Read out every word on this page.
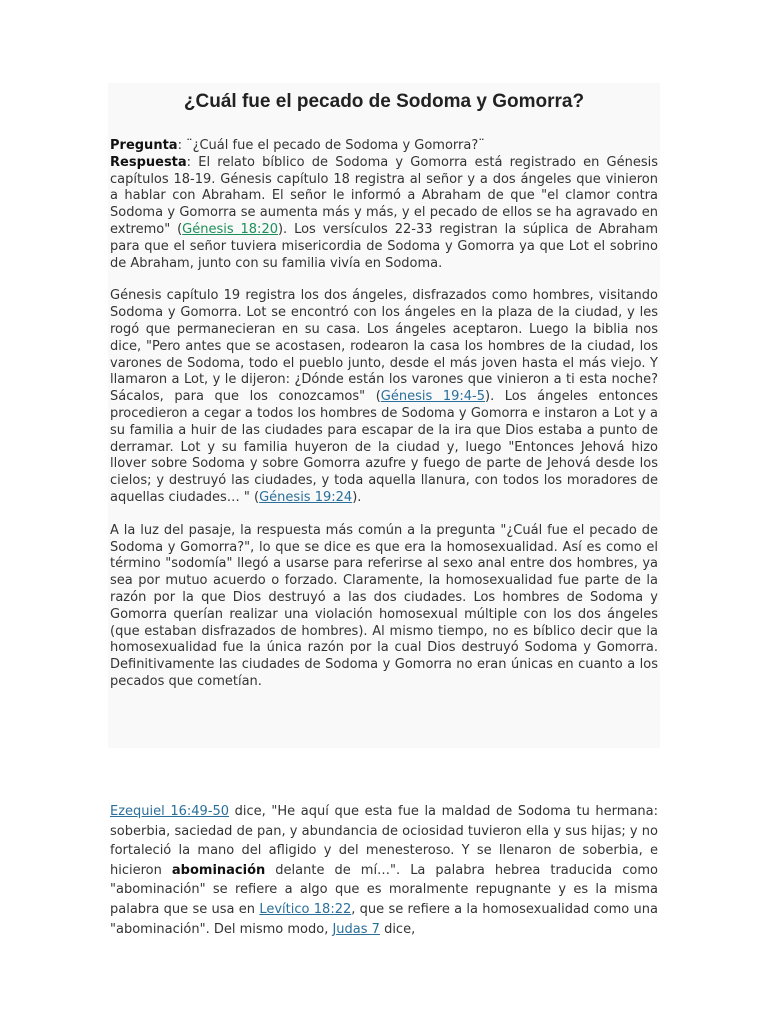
¿Cuál fue el pecado de Sodoma y Gomorra?

Pregunta: ¨¿Cuál fue el pecado de Sodoma y Gomorra?¨
Respuesta: El relato bíblico de Sodoma y Gomorra está registrado en Génesis capítulos 18-19. Génesis capítulo 18 registra al señor y a dos ángeles que vinieron a hablar con Abraham. El señor le informó a Abraham de que "el clamor contra Sodoma y Gomorra se aumenta más y más, y el pecado de ellos se ha agravado en extremo" (Génesis 18:20). Los versículos 22-33 registran la súplica de Abraham para que el señor tuviera misericordia de Sodoma y Gomorra ya que Lot el sobrino de Abraham, junto con su familia vivía en Sodoma.

Génesis capítulo 19 registra los dos ángeles, disfrazados como hombres, visitando Sodoma y Gomorra. Lot se encontró con los ángeles en la plaza de la ciudad, y les rogó que permanecieran en su casa. Los ángeles aceptaron. Luego la biblia nos dice, "Pero antes que se acostasen, rodearon la casa los hombres de la ciudad, los varones de Sodoma, todo el pueblo junto, desde el más joven hasta el más viejo. Y llamaron a Lot, y le dijeron: ¿Dónde están los varones que vinieron a ti esta noche? Sácalos, para que los conozcamos" (Génesis 19:4-5). Los ángeles entonces procedieron a cegar a todos los hombres de Sodoma y Gomorra e instaron a Lot y a su familia a huir de las ciudades para escapar de la ira que Dios estaba a punto de derramar. Lot y su familia huyeron de la ciudad y, luego "Entonces Jehová hizo llover sobre Sodoma y sobre Gomorra azufre y fuego de parte de Jehová desde los cielos; y destruyó las ciudades, y toda aquella llanura, con todos los moradores de aquellas ciudades… " (Génesis 19:24).

A la luz del pasaje, la respuesta más común a la pregunta "¿Cuál fue el pecado de Sodoma y Gomorra?", lo que se dice es que era la homosexualidad. Así es como el término "sodomía" llegó a usarse para referirse al sexo anal entre dos hombres, ya sea por mutuo acuerdo o forzado. Claramente, la homosexualidad fue parte de la razón por la que Dios destruyó a las dos ciudades. Los hombres de Sodoma y Gomorra querían realizar una violación homosexual múltiple con los dos ángeles (que estaban disfrazados de hombres). Al mismo tiempo, no es bíblico decir que la homosexualidad fue la única razón por la cual Dios destruyó Sodoma y Gomorra. Definitivamente las ciudades de Sodoma y Gomorra no eran únicas en cuanto a los pecados que cometían.

Ezequiel 16:49-50 dice, "He aquí que esta fue la maldad de Sodoma tu hermana: soberbia, saciedad de pan, y abundancia de ociosidad tuvieron ella y sus hijas; y no fortaleció la mano del afligido y del menesteroso. Y se llenaron de soberbia, e hicieron abominación delante de mí…". La palabra hebrea traducida como "abominación" se refiere a algo que es moralmente repugnante y es la misma palabra que se usa en Levítico 18:22, que se refiere a la homosexualidad como una "abominación". Del mismo modo, Judas 7 dice,
